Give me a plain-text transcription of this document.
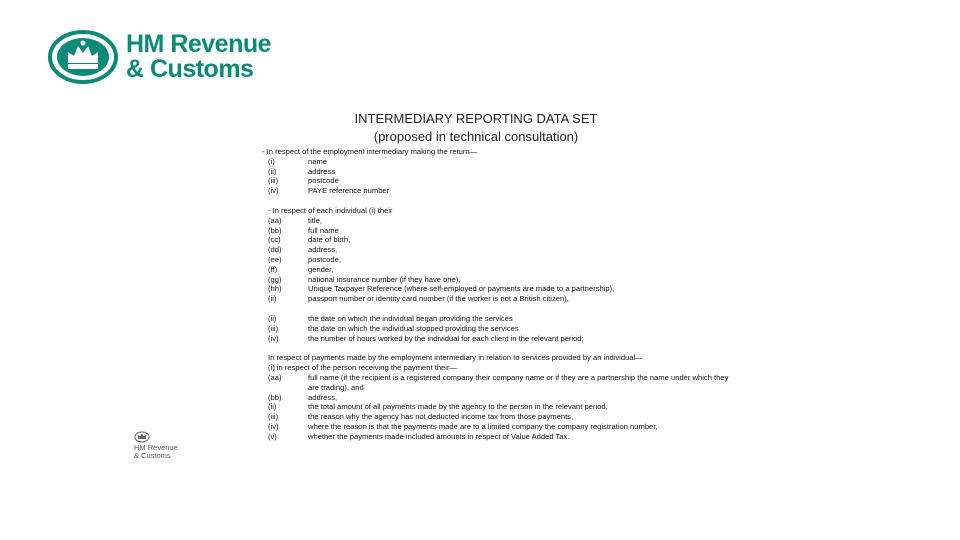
HM Revenue
& Customs
INTERMEDIARY REPORTING DATA SET
(proposed in technical consultation)
- In respect of the employment intermediary making the return—
(i)	name
(ii)	address
(iii)	postcode
(iv)	PAYE reference number
- In respect of each individual (i) their
(aa)	title,
(bb)	full name
(cc)	date of birth,
(dd)	address,
(ee)	postcode,
(ff)	gender,
(gg)	national insurance number (if they have one),
(hh)	Unique Taxpayer Reference (where self-employed or payments are made to a partnership),
(ii)	passport number or identity card number (if the worker is not a British citizen),
(ii)	the date on which the individual began providing the services
(iii)	the date on which the individual stopped providing the services
(iv)	the number of hours worked by the individual for each client in the relevant period;
In respect of payments made by the employment intermediary in relation to services provided by an individual—
(i) in respect of the person receiving the payment their—
(aa)	full name (if the recipient is a registered company their company name or if they are a partnership the name under which they are trading), and
(bb)	address,
(ii)	the total amount of all payments made by the agency to the person in the relevant period,
(iii)	the reason why the agency has not deducted income tax from those payments,
(iv)	where the reason is that the payments made are to a limited company the company registration number,
(v)	whether the payments made included amounts in respect of Value Added Tax.
HM Revenue
& Customs
